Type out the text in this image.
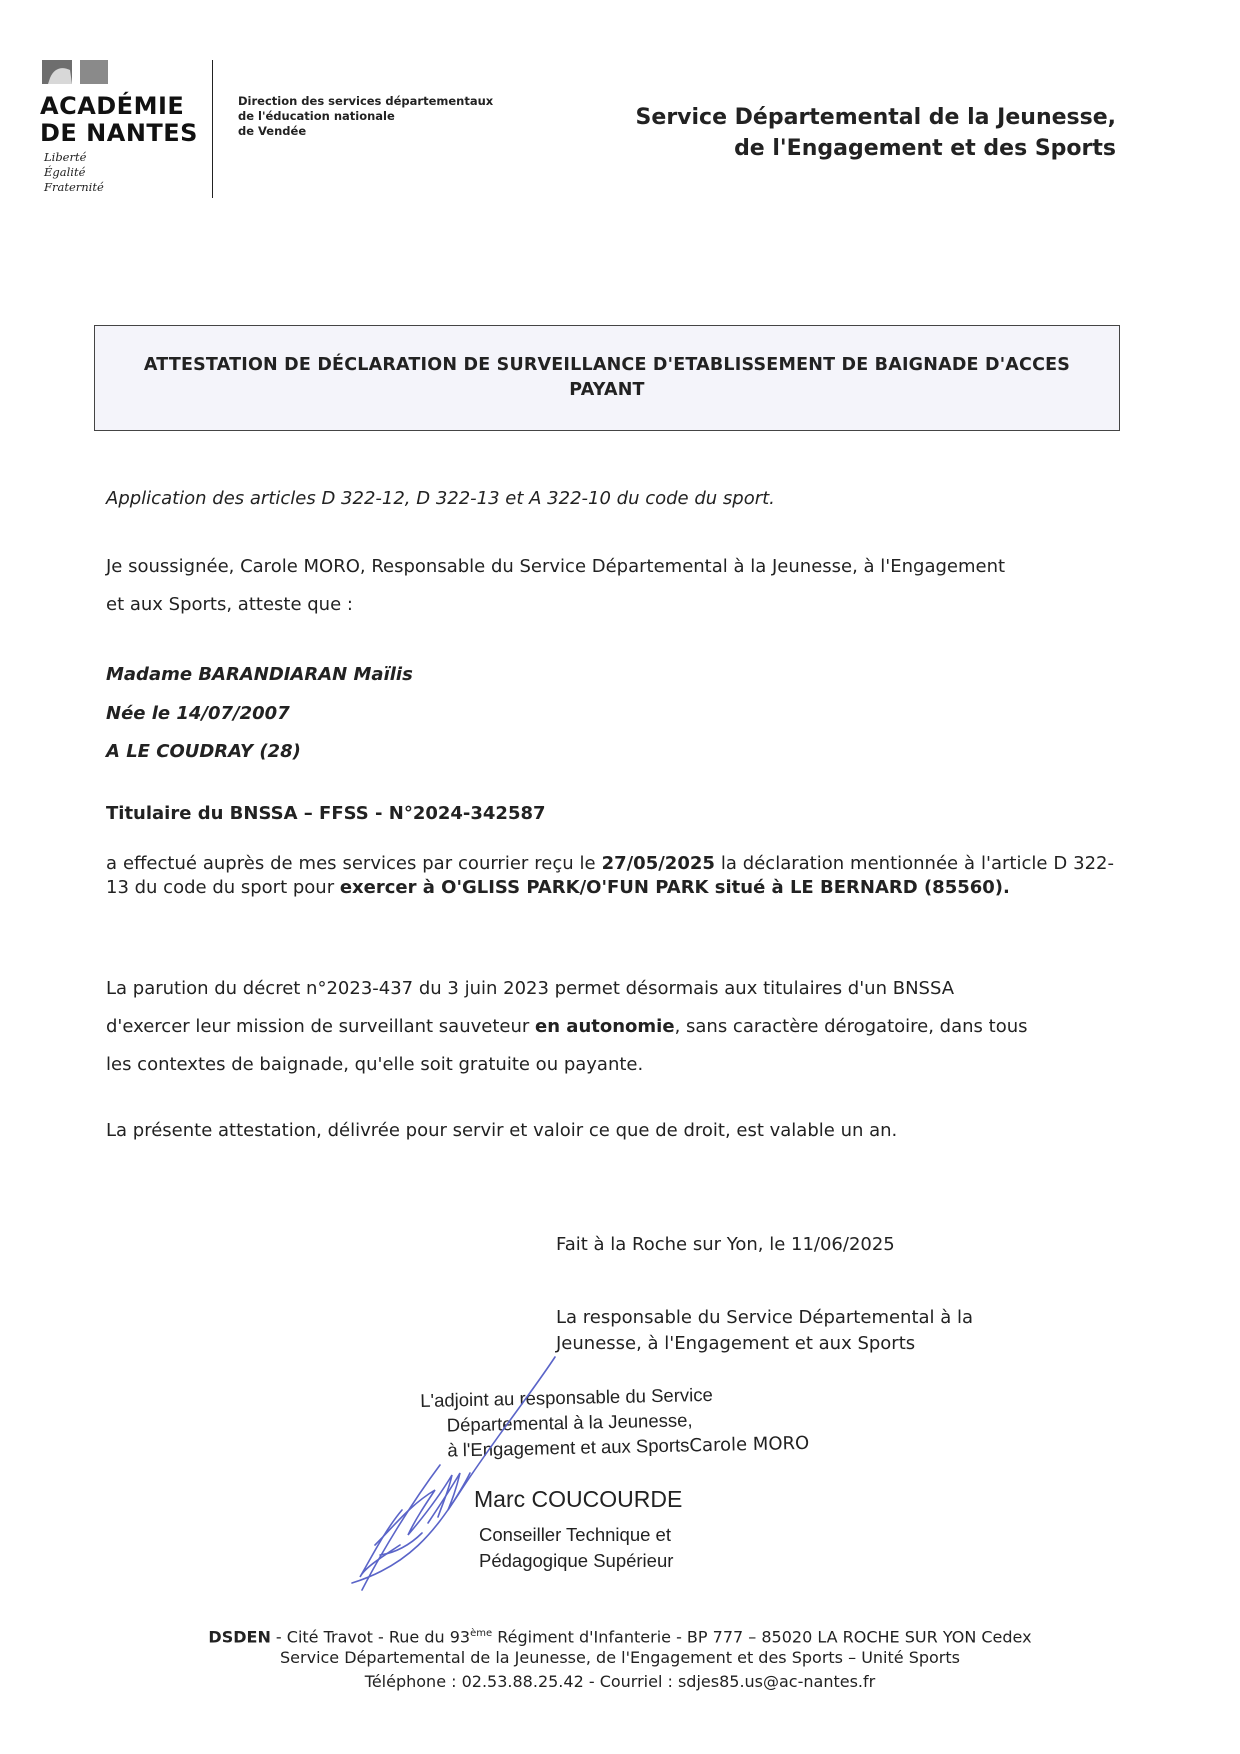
ACADÉMIE
DE NANTES
Liberté
Égalité
Fraternité
Direction des services départementaux
de l'éducation nationale
de Vendée
Service Départemental de la Jeunesse,
de l'Engagement et des Sports
ATTESTATION DE DÉCLARATION DE SURVEILLANCE D'ETABLISSEMENT DE BAIGNADE D'ACCES
PAYANT
Application des articles D 322-12, D 322-13 et A 322-10 du code du sport.
Je soussignée, Carole MORO, Responsable du Service Départemental à la Jeunesse, à l'Engagement
et aux Sports, atteste que :
Madame BARANDIARAN Maïlis
Née le 14/07/2007
A LE COUDRAY (28)
Titulaire du BNSSA – FFSS - N°2024-342587
a effectué auprès de mes services par courrier reçu le 27/05/2025 la déclaration mentionnée à l'article D 322-13 du code du sport pour exercer à O'GLISS PARK/O'FUN PARK situé à LE BERNARD (85560).
La parution du décret n°2023-437 du 3 juin 2023 permet désormais aux titulaires d'un BNSSA
d'exercer leur mission de surveillant sauveteur en autonomie, sans caractère dérogatoire, dans tous
les contextes de baignade, qu'elle soit gratuite ou payante.
La présente attestation, délivrée pour servir et valoir ce que de droit, est valable un an.
Fait à la Roche sur Yon, le 11/06/2025
La responsable du Service Départemental à la
Jeunesse, à l'Engagement et aux Sports
L'adjoint au responsable du Service
Départemental à la Jeunesse,
à l'Engagement et aux SportsCarole MORO
Marc COUCOURDE
Conseiller Technique et
Pédagogique Supérieur
DSDEN - Cité Travot - Rue du 93ème Régiment d'Infanterie - BP 777 – 85020 LA ROCHE SUR YON Cedex
Service Départemental de la Jeunesse, de l'Engagement et des Sports – Unité Sports
Téléphone : 02.53.88.25.42 - Courriel : sdjes85.us@ac-nantes.fr
